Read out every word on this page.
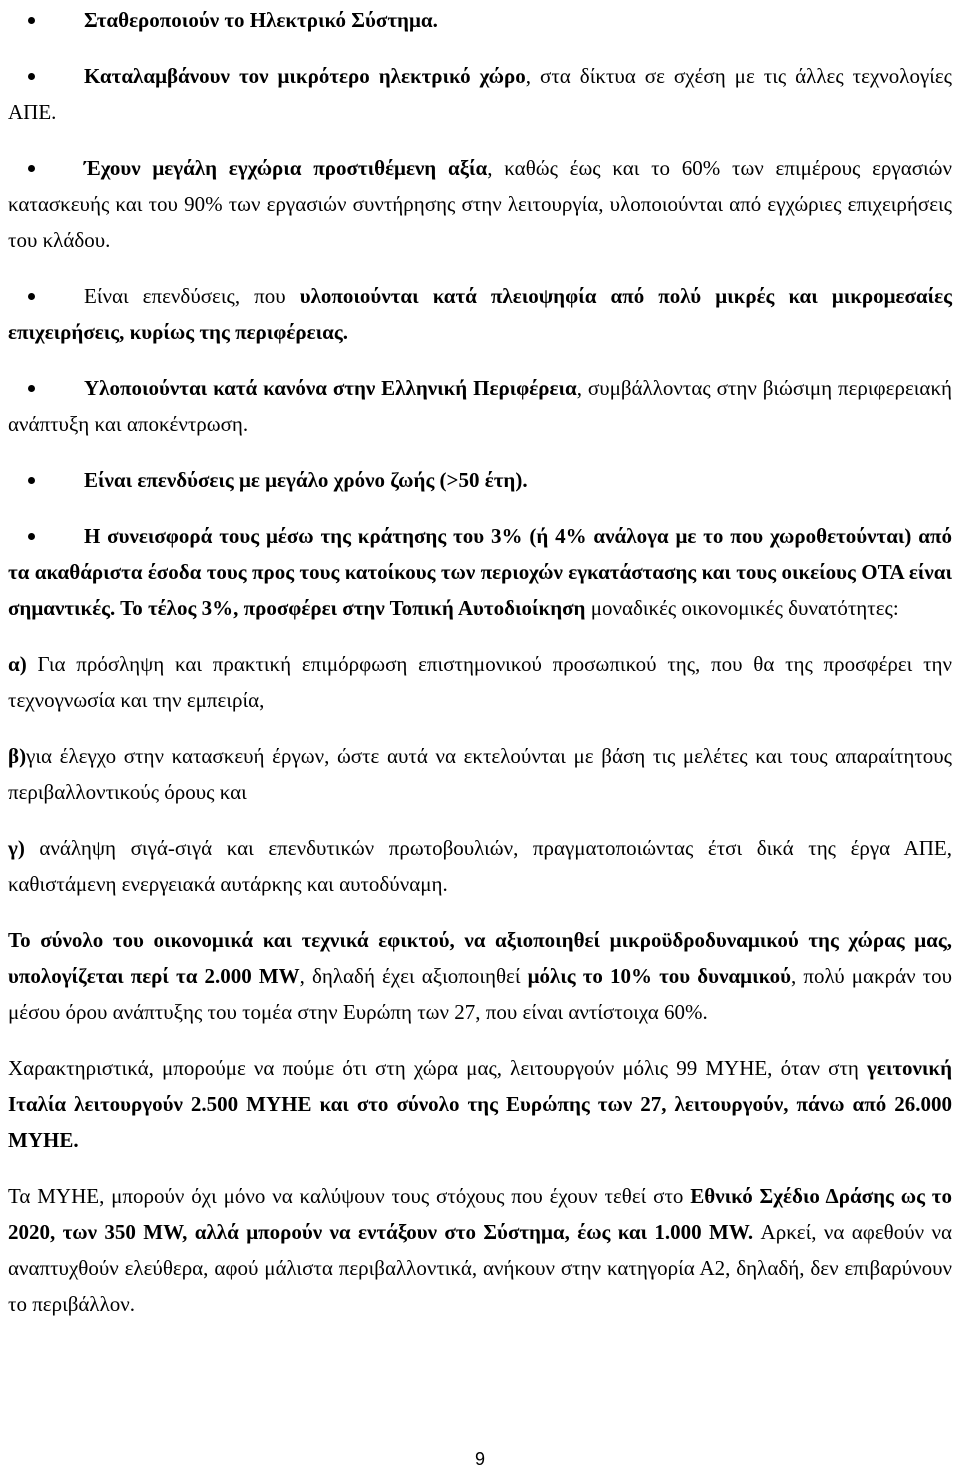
Σταθεροποιούν το Ηλεκτρικό Σύστημα.
Καταλαμβάνουν τον μικρότερο ηλεκτρικό χώρο, στα δίκτυα σε σχέση με τις άλλες τεχνολογίες ΑΠΕ.
Έχουν μεγάλη εγχώρια προστιθέμενη αξία, καθώς έως και το 60% των επιμέρους εργασιών κατασκευής και του 90% των εργασιών συντήρησης στην λειτουργία, υλοποιούνται από εγχώριες επιχειρήσεις του κλάδου.
Είναι επενδύσεις, που υλοποιούνται κατά πλειοψηφία από πολύ μικρές και μικρομεσαίες επιχειρήσεις, κυρίως της περιφέρειας.
Υλοποιούνται κατά κανόνα στην Ελληνική Περιφέρεια, συμβάλλοντας στην βιώσιμη περιφερειακή ανάπτυξη και αποκέντρωση.
Είναι επενδύσεις με μεγάλο χρόνο ζωής (>50 έτη).
Η συνεισφορά τους μέσω της κράτησης του 3% (ή 4% ανάλογα με το που χωροθετούνται) από τα ακαθάριστα έσοδα τους προς τους κατοίκους των περιοχών εγκατάστασης και τους οικείους ΟΤΑ είναι σημαντικές. Το τέλος 3%, προσφέρει στην Τοπική Αυτοδιοίκηση μοναδικές οικονομικές δυνατότητες:

α) Για πρόσληψη και πρακτική επιμόρφωση επιστημονικού προσωπικού της, που θα της προσφέρει την τεχνογνωσία και την εμπειρία,

β)για έλεγχο στην κατασκευή έργων, ώστε αυτά να εκτελούνται με βάση τις μελέτες και τους απαραίτητους περιβαλλοντικούς όρους και

γ) ανάληψη σιγά-σιγά και επενδυτικών πρωτοβουλιών, πραγματοποιώντας έτσι δικά της έργα ΑΠΕ, καθιστάμενη ενεργειακά αυτάρκης και αυτοδύναμη.

Το σύνολο του οικονομικά και τεχνικά εφικτού, να αξιοποιηθεί μικροϋδροδυναμικού της χώρας μας, υπολογίζεται περί τα 2.000 MW, δηλαδή έχει αξιοποιηθεί μόλις το 10% του δυναμικού, πολύ μακράν του μέσου όρου ανάπτυξης του τομέα στην Ευρώπη των 27, που είναι αντίστοιχα 60%.

Χαρακτηριστικά, μπορούμε να πούμε ότι στη χώρα μας, λειτουργούν μόλις 99 ΜΥΗΕ, όταν στη γειτονική Ιταλία λειτουργούν 2.500 ΜΥΗΕ και στο σύνολο της Ευρώπης των 27, λειτουργούν, πάνω από 26.000 ΜΥΗΕ.

Τα ΜΥΗΕ, μπορούν όχι μόνο να καλύψουν τους στόχους που έχουν τεθεί στο Εθνικό Σχέδιο Δράσης ως το 2020, των 350 MW, αλλά μπορούν να εντάξουν στο Σύστημα, έως και 1.000 MW. Αρκεί, να αφεθούν να αναπτυχθούν ελεύθερα, αφού μάλιστα περιβαλλοντικά, ανήκουν στην κατηγορία Α2, δηλαδή, δεν επιβαρύνουν το περιβάλλον.

9
